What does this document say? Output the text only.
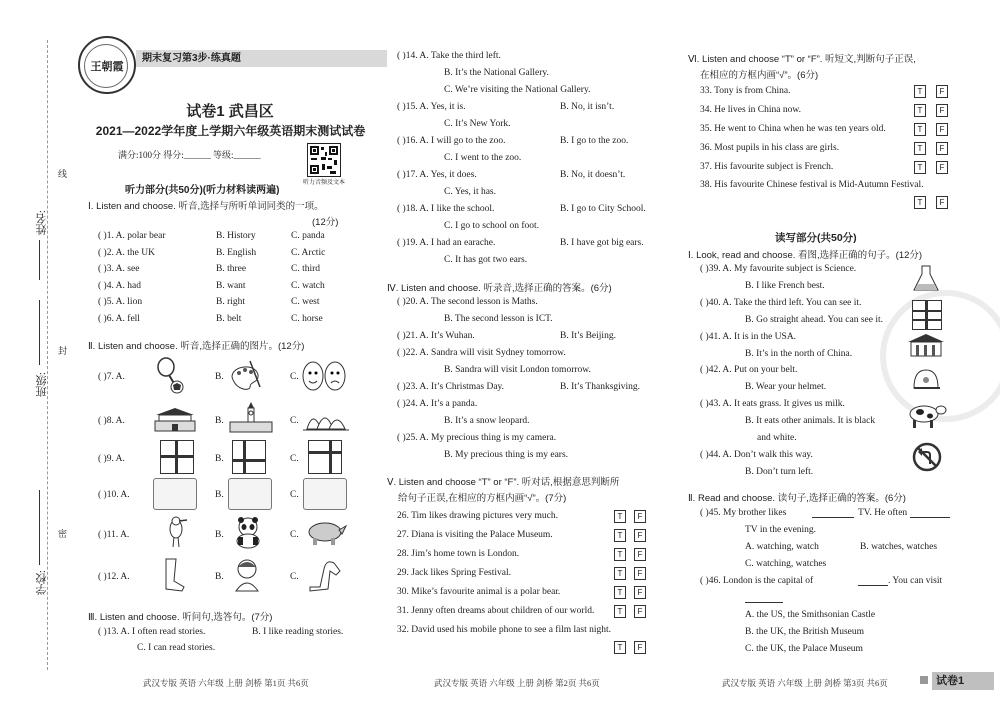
线
封
密
姓名:
班级:
学校:
王朝霞
期末复习第3步·练真题
试卷1 武昌区
2021—2022学年度上学期六年级英语期末测试试卷
满分:100分 得分:______ 等级:______
听力音频及文本
听力部分(共50分)(听力材料读两遍)
Ⅰ. Listen and choose. 听音,选择与所听单词同类的一项。
(12分)
( )1. A. polar bear	B. History	C. panda
( )2. A. the UK	B. English	C. Arctic
( )3. A. see	B. three	C. third
( )4. A. had	B. want	C. watch
( )5. A. lion	B. right	C. west
( )6. A. fell	B. belt	C. horse
Ⅱ. Listen and choose. 听音,选择正确的图片。(12分)
( )7. A.	B.	C.
( )8. A.	B.	C.
( )9. A.	B.	C.
( )10. A.	B.	C.
( )11. A.	B.	C.
( )12. A.	B.	C.
Ⅲ. Listen and choose. 听问句,选答句。(7分)
( )13. A. I often read stories.	B. I like reading stories.
C. I can read stories.
( )14. A. Take the third left.
B. It’s the National Gallery.
C. We’re visiting the National Gallery.
( )15. A. Yes, it is.	B. No, it isn’t.
C. It’s New York.
( )16. A. I will go to the zoo.	B. I go to the zoo.
C. I went to the zoo.
( )17. A. Yes, it does.	B. No, it doesn’t.
C. Yes, it has.
( )18. A. I like the school.	B. I go to City School.
C. I go to school on foot.
( )19. A. I had an earache.	B. I have got big ears.
C. It has got two ears.
Ⅳ. Listen and choose. 听录音,选择正确的答案。(6分)
( )20. A. The second lesson is Maths.
B. The second lesson is ICT.
( )21. A. It’s Wuhan.	B. It’s Beijing.
( )22. A. Sandra will visit Sydney tomorrow.
B. Sandra will visit London tomorrow.
( )23. A. It’s Christmas Day.	B. It’s Thanksgiving.
( )24. A. It’s a panda.
B. It’s a snow leopard.
( )25. A. My precious thing is my camera.
B. My precious thing is my ears.
Ⅴ. Listen and choose “T” or “F”. 听对话,根据意思判断所
给句子正误,在相应的方框内画“√”。(7分)
26. Tim likes drawing pictures very much.	T	F
27. Diana is visiting the Palace Museum.	T	F
28. Jim’s home town is London.	T	F
29. Jack likes Spring Festival.	T	F
30. Mike’s favourite animal is a polar bear.	T	F
31. Jenny often dreams about children of our world.	T	F
32. David used his mobile phone to see a film last night.
T	F
Ⅵ. Listen and choose “T” or “F”. 听短文,判断句子正误,
在相应的方框内画“√”。(6分)
33. Tony is from China.	T	F
34. He lives in China now.	T	F
35. He went to China when he was ten years old.	T	F
36. Most pupils in his class are girls.	T	F
37. His favourite subject is French.	T	F
38. His favourite Chinese festival is Mid-Autumn Festival.
T	F
读写部分(共50分)
Ⅰ. Look, read and choose. 看图,选择正确的句子。(12分)
( )39. A. My favourite subject is Science.
B. I like French best.
( )40. A. Take the third left. You can see it.
B. Go straight ahead. You can see it.
( )41. A. It is in the USA.
B. It’s in the north of China.
( )42. A. Put on your belt.
B. Wear your helmet.
( )43. A. It eats grass. It gives us milk.
B. It eats other animals. It is black
and white.
( )44. A. Don’t walk this way.
B. Don’t turn left.
Ⅱ. Read and choose. 读句子,选择正确的答案。(6分)
( )45. My brother likes	TV. He often
TV in the evening.
A. watching, watch	B. watches, watches
C. watching, watches
( )46. London is the capital of	. You can visit
A. the US, the Smithsonian Castle
B. the UK, the British Museum
C. the UK, the Palace Museum
武汉专版 英语 六年级 上册 剑桥 第1页 共6页	武汉专版 英语 六年级 上册 剑桥 第2页 共6页	武汉专版 英语 六年级 上册 剑桥 第3页 共6页	试卷1
